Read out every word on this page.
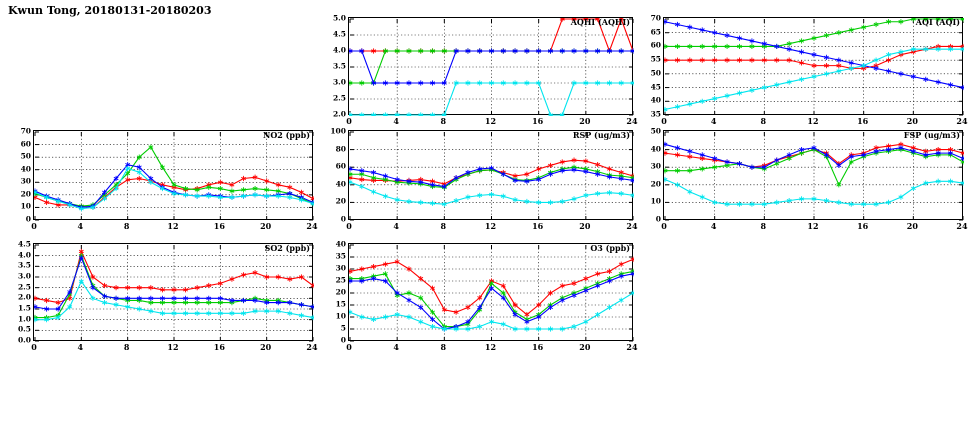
Kwun Tong, 20180131-20180203
AQHI (AQHI)
2.0
2.5
3.0
3.5
4.0
4.5
5.0
0	4	8	12	16	20	24
AQI (AQI)
35
40
45
50
55
60
65
70
0	4	8	12	16	20	24
NO2 (ppb)
0
10
20
30
40
50
60
70
0	4	8	12	16	20	24
RSP (ug/m3)
0
20
40
60
80
100
0	4	8	12	16	20	24
FSP (ug/m3)
0
10
20
30
40
50
0	4	8	12	16	20	24
SO2 (ppb)
0.0
0.5
1.0
1.5
2.0
2.5
3.0
3.5
4.0
4.5
0	4	8	12	16	20	24
O3 (ppb)
0
5
10
15
20
25
30
35
40
0	4	8	12	16	20	24
